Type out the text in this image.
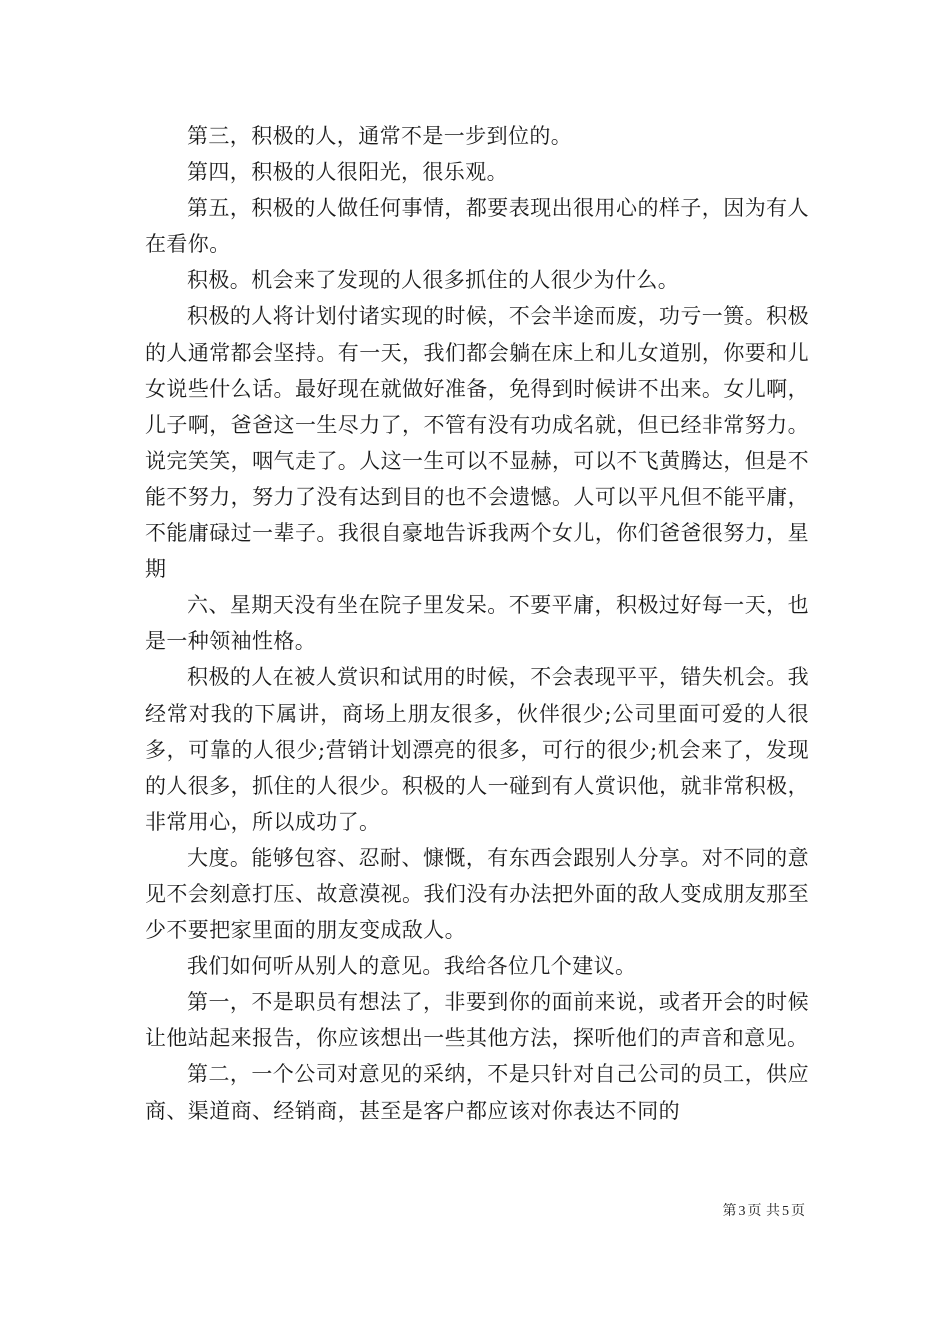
第三，积极的人，通常不是一步到位的。

第四，积极的人很阳光，很乐观。

第五，积极的人做任何事情，都要表现出很用心的样子，因为有人在看你。

积极。机会来了发现的人很多抓住的人很少为什么。

积极的人将计划付诸实现的时候，不会半途而废，功亏一篑。积极的人通常都会坚持。有一天，我们都会躺在床上和儿女道别，你要和儿女说些什么话。最好现在就做好准备，免得到时候讲不出来。女儿啊，儿子啊，爸爸这一生尽力了，不管有没有功成名就，但已经非常努力。说完笑笑，咽气走了。人这一生可以不显赫，可以不飞黄腾达，但是不能不努力，努力了没有达到目的也不会遗憾。人可以平凡但不能平庸，不能庸碌过一辈子。我很自豪地告诉我两个女儿，你们爸爸很努力，星期

六、星期天没有坐在院子里发呆。不要平庸，积极过好每一天，也是一种领袖性格。

积极的人在被人赏识和试用的时候，不会表现平平，错失机会。我经常对我的下属讲，商场上朋友很多，伙伴很少;公司里面可爱的人很多，可靠的人很少;营销计划漂亮的很多，可行的很少;机会来了，发现的人很多，抓住的人很少。积极的人一碰到有人赏识他，就非常积极，非常用心，所以成功了。

大度。能够包容、忍耐、慷慨，有东西会跟别人分享。对不同的意见不会刻意打压、故意漠视。我们没有办法把外面的敌人变成朋友那至少不要把家里面的朋友变成敌人。

我们如何听从别人的意见。我给各位几个建议。

第一，不是职员有想法了，非要到你的面前来说，或者开会的时候让他站起来报告，你应该想出一些其他方法，探听他们的声音和意见。

第二，一个公司对意见的采纳，不是只针对自己公司的员工，供应商、渠道商、经销商，甚至是客户都应该对你表达不同的

第 3 页 共 5 页
